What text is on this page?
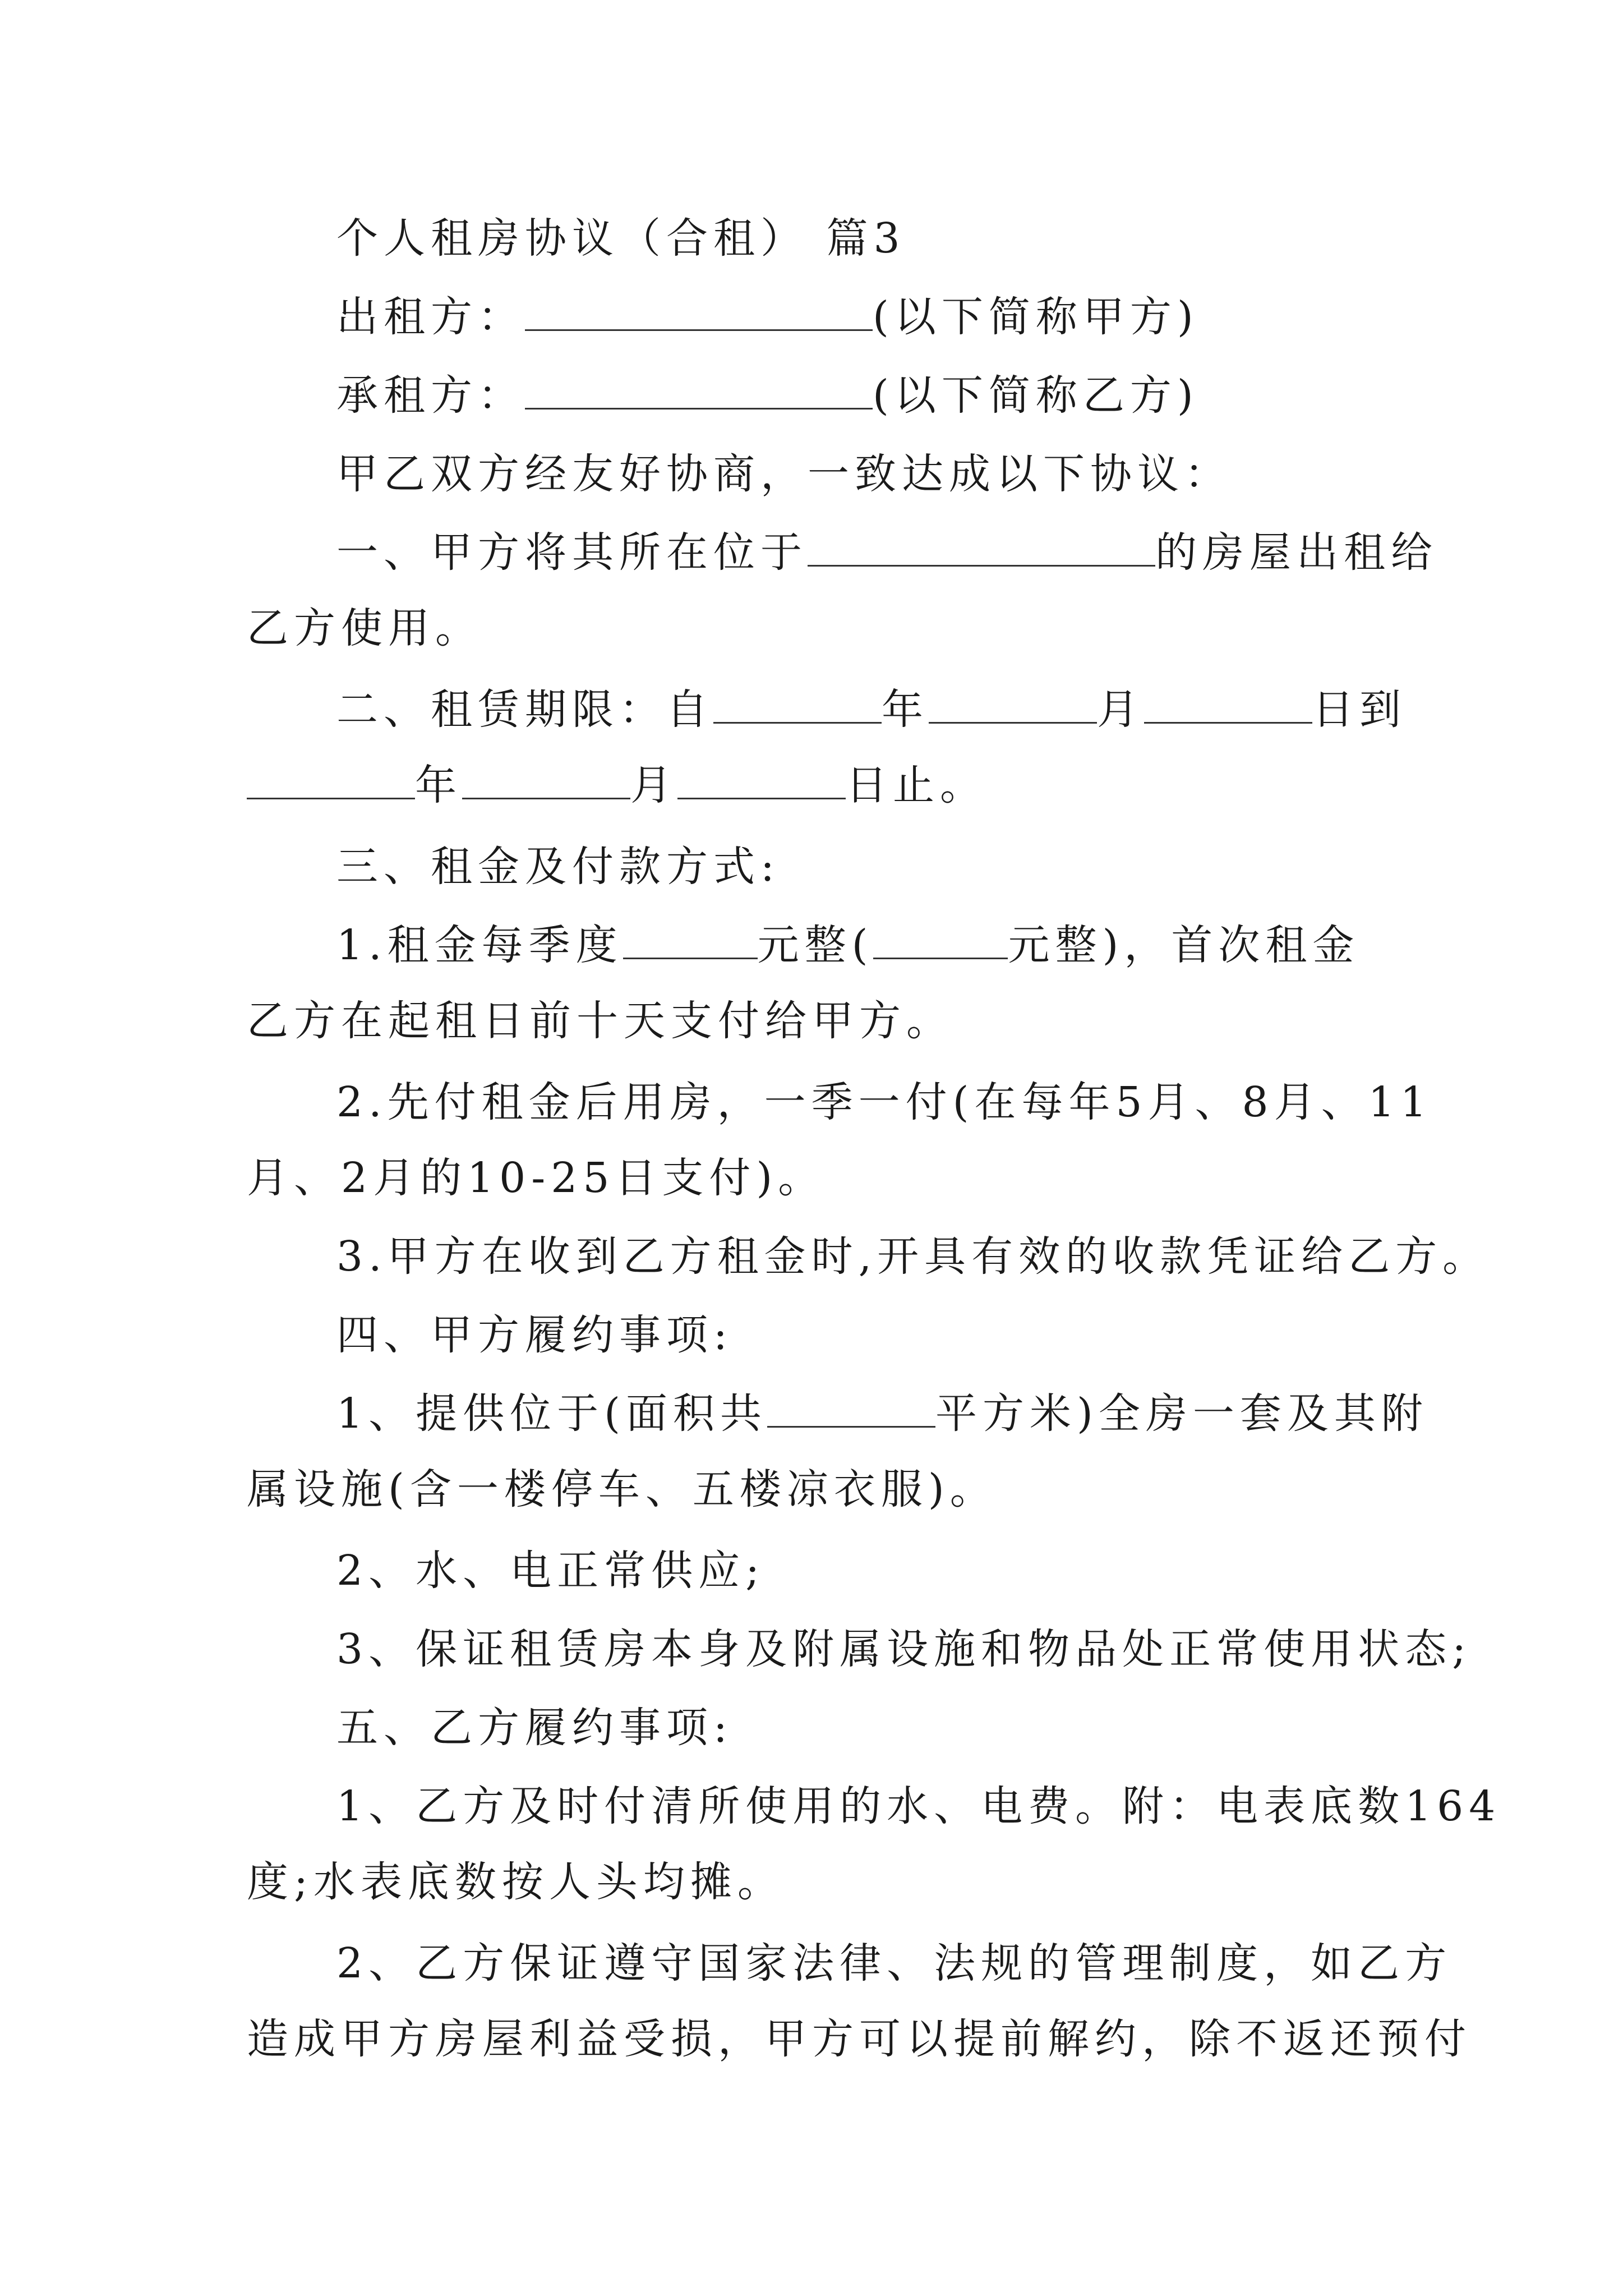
个人租房协议（合租） 篇3
出租方：	(以下简称甲方)
承租方：	(以下简称乙方)
甲乙双方经友好协商，一致达成以下协议：
一、甲方将其所在位于	的房屋出租给
乙方使用。
二、租赁期限：自	年	月	日到
年	月	日止。
三、租金及付款方式:
1.租金每季度	元整(	元整)，首次租金
乙方在起租日前十天支付给甲方。
2.先付租金后用房，一季一付(在每年5月、8月、11
月、2月的10-25日支付)。
3.甲方在收到乙方租金时,开具有效的收款凭证给乙方。
四、甲方履约事项:
1、提供位于(面积共	平方米)全房一套及其附
属设施(含一楼停车、五楼凉衣服)。
2、水、电正常供应;
3、保证租赁房本身及附属设施和物品处正常使用状态;
五、乙方履约事项:
1、乙方及时付清所使用的水、电费。附：电表底数164
度;水表底数按人头均摊。
2、乙方保证遵守国家法律、法规的管理制度，如乙方
造成甲方房屋利益受损，甲方可以提前解约，除不返还预付
